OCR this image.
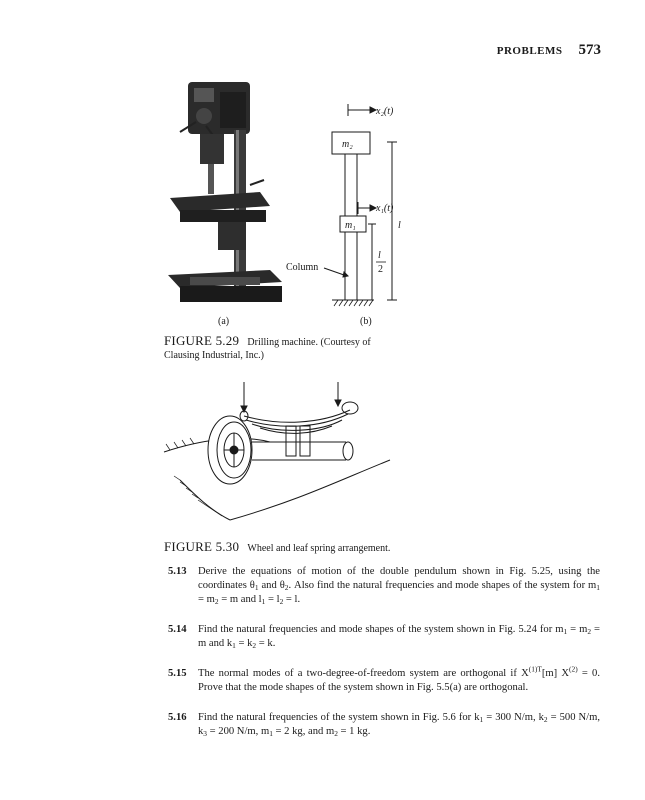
PROBLEMS 573
x₂(t)
m₂
x₁(t)
m₁	l
l
2
Column
(a)	(b)
FIGURE 5.29 Drilling machine. (Courtesy of
Clausing Industrial, Inc.)
FIGURE 5.30 Wheel and leaf spring arrangement.
5.13	Derive the equations of motion of the double pendulum shown in Fig. 5.25, using the coordinates $\theta_1$ and $\theta_2$. Also find the natural frequencies and mode shapes of the system for $m_1 = m_2 = m$ and $l_1 = l_2 = l$.
5.14	Find the natural frequencies and mode shapes of the system shown in Fig. 5.24 for $m_1 = m_2 = m$ and $k_1 = k_2 = k$.
5.15	The normal modes of a two-degree-of-freedom system are orthogonal if $X^{(1)T}[m] X^{(2)} = 0$. Prove that the mode shapes of the system shown in Fig. 5.5(a) are orthogonal.
5.16	Find the natural frequencies of the system shown in Fig. 5.6 for $k_1 = 300$ N/m, $k_2 = 500$ N/m, $k_3 = 200$ N/m, $m_1 = 2$ kg, and $m_2 = 1$ kg.
